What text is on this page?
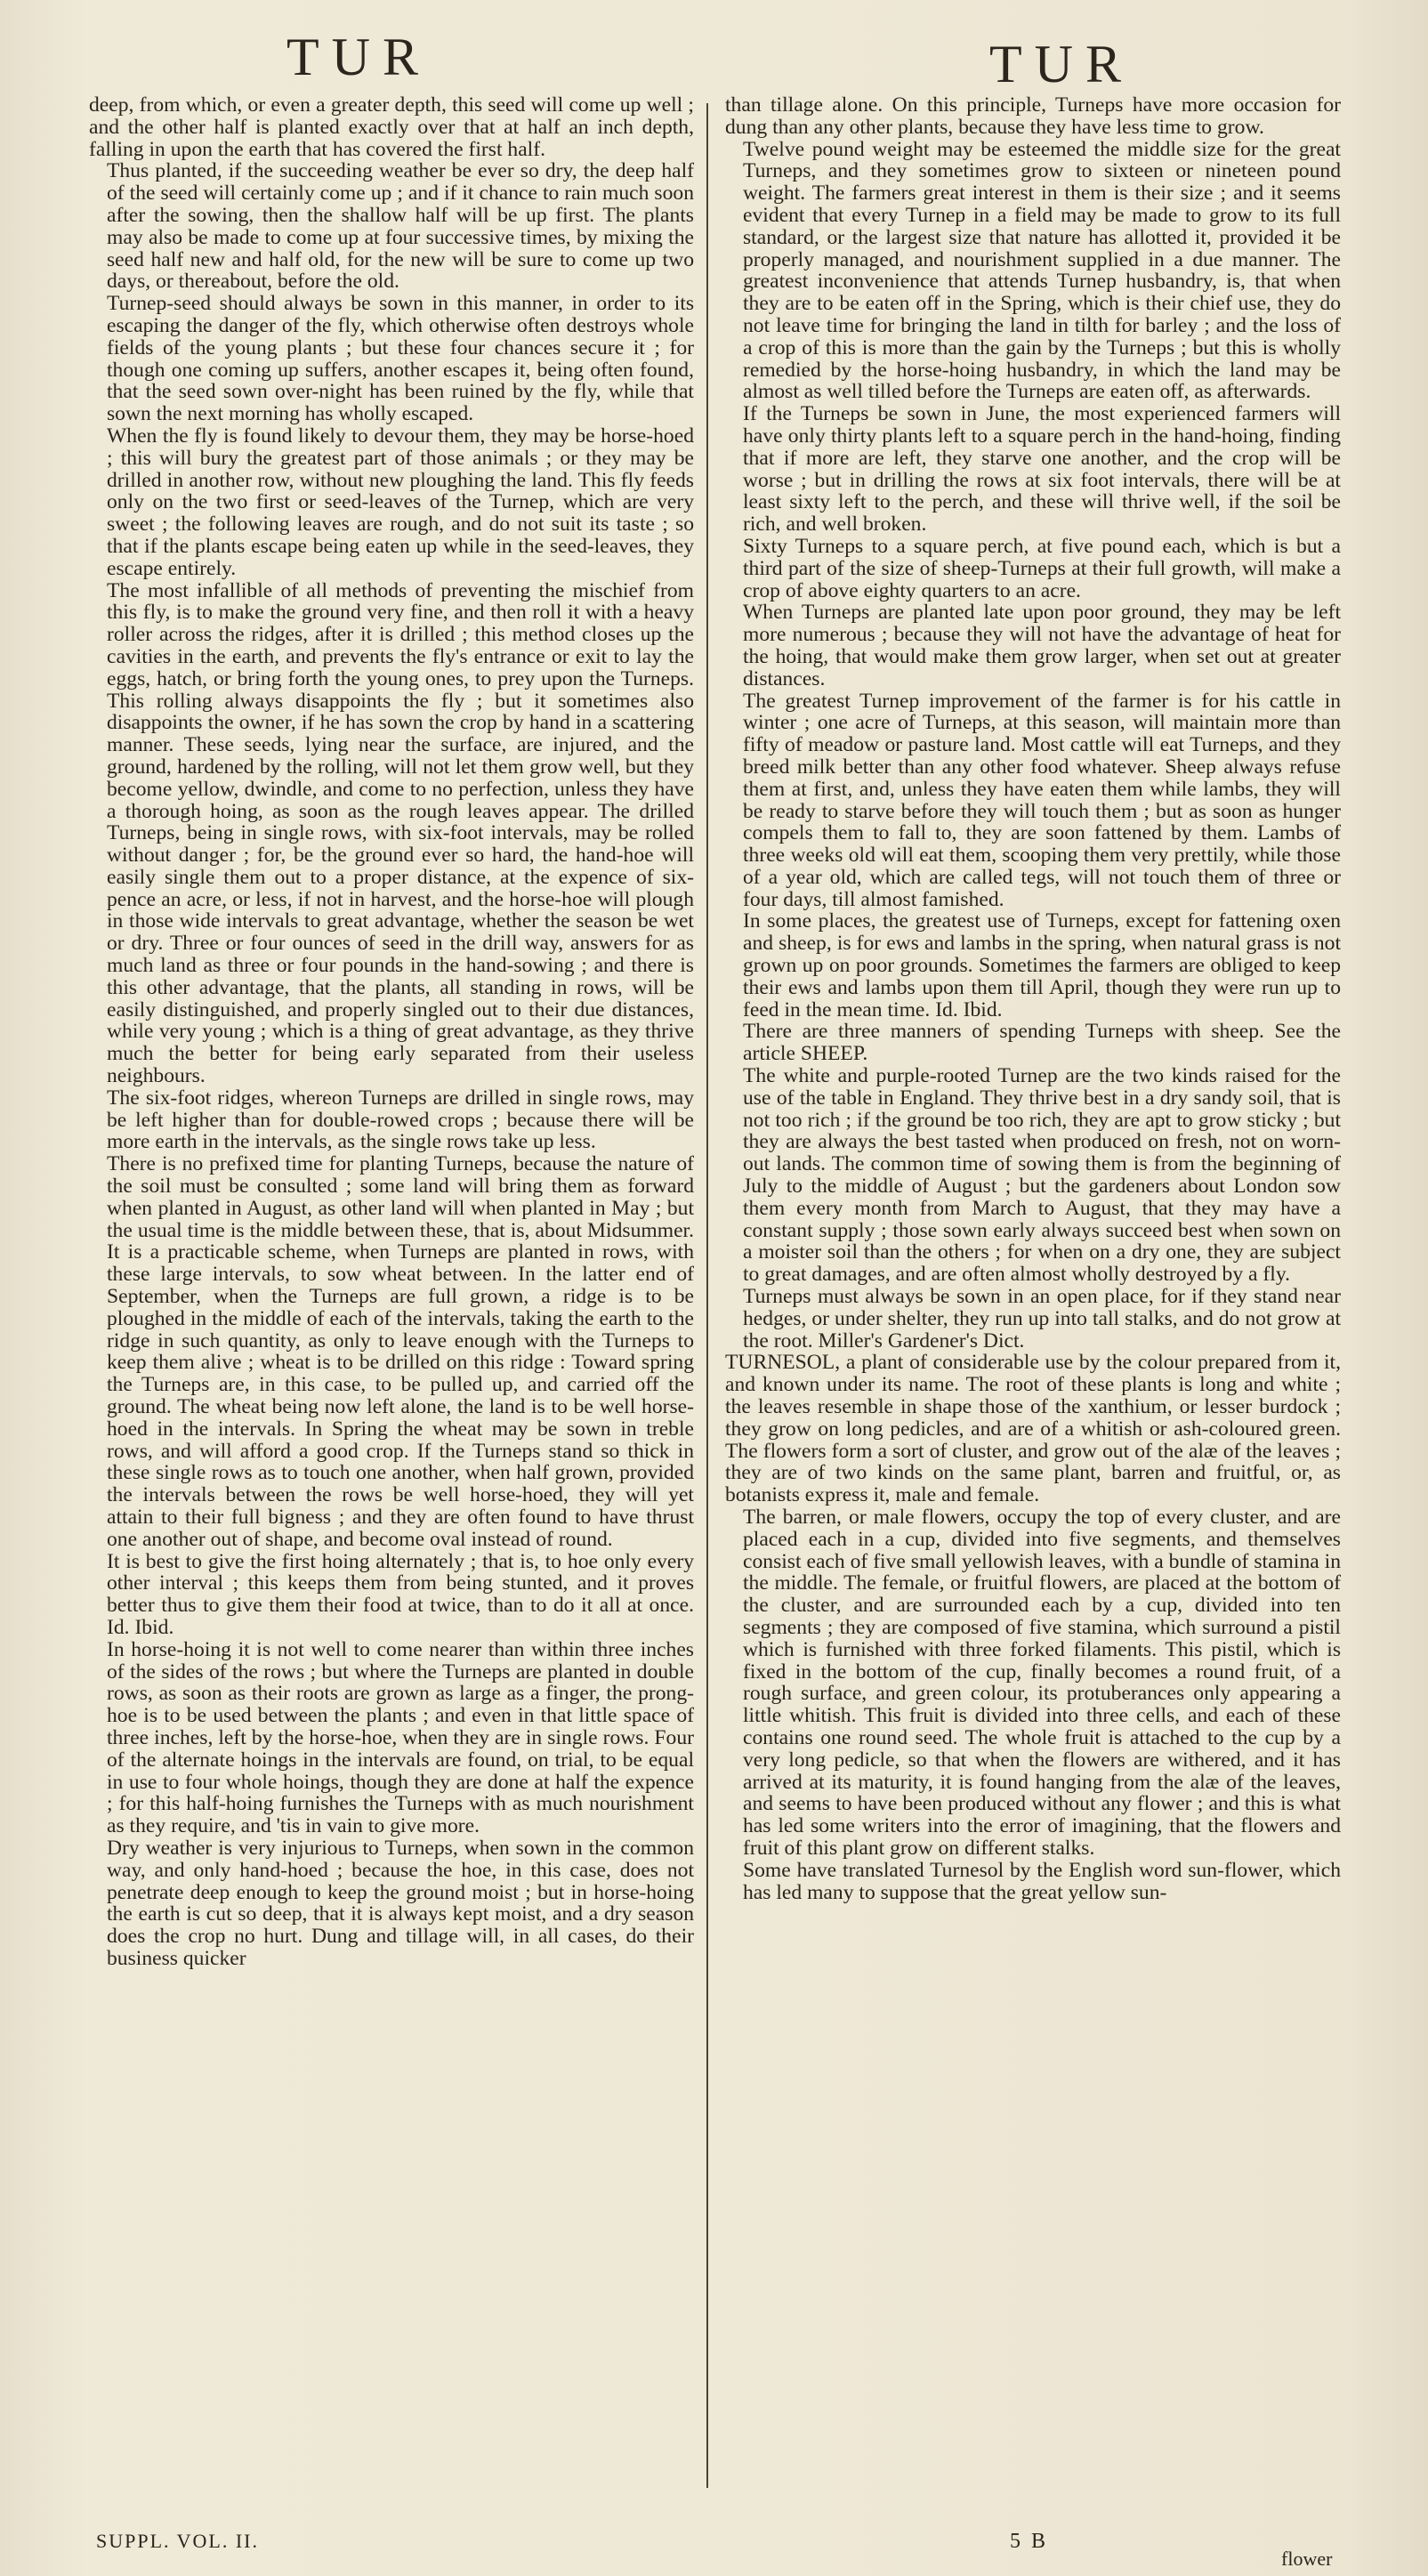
TUR	TUR

deep, from which, or even a greater depth, this seed will come up well ; and the other half is planted exactly over that at half an inch depth, falling in upon the earth that has covered the first half.

Thus planted, if the succeeding weather be ever so dry, the deep half of the seed will certainly come up ; and if it chance to rain much soon after the sowing, then the shallow half will be up first. The plants may also be made to come up at four successive times, by mixing the seed half new and half old, for the new will be sure to come up two days, or thereabout, before the old.

Turnep-seed should always be sown in this manner, in order to its escaping the danger of the fly, which otherwise often destroys whole fields of the young plants ; but these four chances secure it ; for though one coming up suffers, another escapes it, being often found, that the seed sown over-night has been ruined by the fly, while that sown the next morning has wholly escaped.

When the fly is found likely to devour them, they may be horse-hoed ; this will bury the greatest part of those animals ; or they may be drilled in another row, without new ploughing the land. This fly feeds only on the two first or seed-leaves of the Turnep, which are very sweet ; the following leaves are rough, and do not suit its taste ; so that if the plants escape being eaten up while in the seed-leaves, they escape entirely.

The most infallible of all methods of preventing the mischief from this fly, is to make the ground very fine, and then roll it with a heavy roller across the ridges, after it is drilled ; this method closes up the cavities in the earth, and prevents the fly's entrance or exit to lay the eggs, hatch, or bring forth the young ones, to prey upon the Turneps. This rolling always disappoints the fly ; but it sometimes also disappoints the owner, if he has sown the crop by hand in a scattering manner. These seeds, lying near the surface, are injured, and the ground, hardened by the rolling, will not let them grow well, but they become yellow, dwindle, and come to no perfection, unless they have a thorough hoing, as soon as the rough leaves appear. The drilled Turneps, being in single rows, with six-foot intervals, may be rolled without danger ; for, be the ground ever so hard, the hand-hoe will easily single them out to a proper distance, at the expence of six-pence an acre, or less, if not in harvest, and the horse-hoe will plough in those wide intervals to great advantage, whether the season be wet or dry. Three or four ounces of seed in the drill way, answers for as much land as three or four pounds in the hand-sowing ; and there is this other advantage, that the plants, all standing in rows, will be easily distinguished, and properly singled out to their due distances, while very young ; which is a thing of great advantage, as they thrive much the better for being early separated from their useless neighbours.

The six-foot ridges, whereon Turneps are drilled in single rows, may be left higher than for double-rowed crops ; because there will be more earth in the intervals, as the single rows take up less.

There is no prefixed time for planting Turneps, because the nature of the soil must be consulted ; some land will bring them as forward when planted in August, as other land will when planted in May ; but the usual time is the middle between these, that is, about Midsummer. It is a practicable scheme, when Turneps are planted in rows, with these large intervals, to sow wheat between. In the latter end of September, when the Turneps are full grown, a ridge is to be ploughed in the middle of each of the intervals, taking the earth to the ridge in such quantity, as only to leave enough with the Turneps to keep them alive ; wheat is to be drilled on this ridge : Toward spring the Turneps are, in this case, to be pulled up, and carried off the ground. The wheat being now left alone, the land is to be well horse-hoed in the intervals. In Spring the wheat may be sown in treble rows, and will afford a good crop. If the Turneps stand so thick in these single rows as to touch one another, when half grown, provided the intervals between the rows be well horse-hoed, they will yet attain to their full bigness ; and they are often found to have thrust one another out of shape, and become oval instead of round.

It is best to give the first hoing alternately ; that is, to hoe only every other interval ; this keeps them from being stunted, and it proves better thus to give them their food at twice, than to do it all at once. Id. Ibid.

In horse-hoing it is not well to come nearer than within three inches of the sides of the rows ; but where the Turneps are planted in double rows, as soon as their roots are grown as large as a finger, the prong-hoe is to be used between the plants ; and even in that little space of three inches, left by the horse-hoe, when they are in single rows. Four of the alternate hoings in the intervals are found, on trial, to be equal in use to four whole hoings, though they are done at half the expence ; for this half-hoing furnishes the Turneps with as much nourishment as they require, and 'tis in vain to give more.

Dry weather is very injurious to Turneps, when sown in the common way, and only hand-hoed ; because the hoe, in this case, does not penetrate deep enough to keep the ground moist ; but in horse-hoing the earth is cut so deep, that it is always kept moist, and a dry season does the crop no hurt. Dung and tillage will, in all cases, do their business quicker

than tillage alone. On this principle, Turneps have more occasion for dung than any other plants, because they have less time to grow.

Twelve pound weight may be esteemed the middle size for the great Turneps, and they sometimes grow to sixteen or nineteen pound weight. The farmers great interest in them is their size ; and it seems evident that every Turnep in a field may be made to grow to its full standard, or the largest size that nature has allotted it, provided it be properly managed, and nourishment supplied in a due manner. The greatest inconvenience that attends Turnep husbandry, is, that when they are to be eaten off in the Spring, which is their chief use, they do not leave time for bringing the land in tilth for barley ; and the loss of a crop of this is more than the gain by the Turneps ; but this is wholly remedied by the horse-hoing husbandry, in which the land may be almost as well tilled before the Turneps are eaten off, as afterwards.

If the Turneps be sown in June, the most experienced farmers will have only thirty plants left to a square perch in the hand-hoing, finding that if more are left, they starve one another, and the crop will be worse ; but in drilling the rows at six foot intervals, there will be at least sixty left to the perch, and these will thrive well, if the soil be rich, and well broken.

Sixty Turneps to a square perch, at five pound each, which is but a third part of the size of sheep-Turneps at their full growth, will make a crop of above eighty quarters to an acre.

When Turneps are planted late upon poor ground, they may be left more numerous ; because they will not have the advantage of heat for the hoing, that would make them grow larger, when set out at greater distances.

The greatest Turnep improvement of the farmer is for his cattle in winter ; one acre of Turneps, at this season, will maintain more than fifty of meadow or pasture land. Most cattle will eat Turneps, and they breed milk better than any other food whatever. Sheep always refuse them at first, and, unless they have eaten them while lambs, they will be ready to starve before they will touch them ; but as soon as hunger compels them to fall to, they are soon fattened by them. Lambs of three weeks old will eat them, scooping them very prettily, while those of a year old, which are called tegs, will not touch them of three or four days, till almost famished.

In some places, the greatest use of Turneps, except for fattening oxen and sheep, is for ews and lambs in the spring, when natural grass is not grown up on poor grounds. Sometimes the farmers are obliged to keep their ews and lambs upon them till April, though they were run up to feed in the mean time. Id. Ibid.

There are three manners of spending Turneps with sheep. See the article SHEEP.

The white and purple-rooted Turnep are the two kinds raised for the use of the table in England. They thrive best in a dry sandy soil, that is not too rich ; if the ground be too rich, they are apt to grow sticky ; but they are always the best tasted when produced on fresh, not on worn-out lands. The common time of sowing them is from the beginning of July to the middle of August ; but the gardeners about London sow them every month from March to August, that they may have a constant supply ; those sown early always succeed best when sown on a moister soil than the others ; for when on a dry one, they are subject to great damages, and are often almost wholly destroyed by a fly.

Turneps must always be sown in an open place, for if they stand near hedges, or under shelter, they run up into tall stalks, and do not grow at the root. Miller's Gardener's Dict.

TURNESOL, a plant of considerable use by the colour prepared from it, and known under its name. The root of these plants is long and white ; the leaves resemble in shape those of the xanthium, or lesser burdock ; they grow on long pedicles, and are of a whitish or ash-coloured green. The flowers form a sort of cluster, and grow out of the alæ of the leaves ; they are of two kinds on the same plant, barren and fruitful, or, as botanists express it, male and female.

The barren, or male flowers, occupy the top of every cluster, and are placed each in a cup, divided into five segments, and themselves consist each of five small yellowish leaves, with a bundle of stamina in the middle. The female, or fruitful flowers, are placed at the bottom of the cluster, and are surrounded each by a cup, divided into ten segments ; they are composed of five stamina, which surround a pistil which is furnished with three forked filaments. This pistil, which is fixed in the bottom of the cup, finally becomes a round fruit, of a rough surface, and green colour, its protuberances only appearing a little whitish. This fruit is divided into three cells, and each of these contains one round seed. The whole fruit is attached to the cup by a very long pedicle, so that when the flowers are withered, and it has arrived at its maturity, it is found hanging from the alæ of the leaves, and seems to have been produced without any flower ; and this is what has led some writers into the error of imagining, that the flowers and fruit of this plant grow on different stalks.

Some have translated Turnesol by the English word sun-flower, which has led many to suppose that the great yellow sun-

SUPPL. VOL. II.	5 B
flower
